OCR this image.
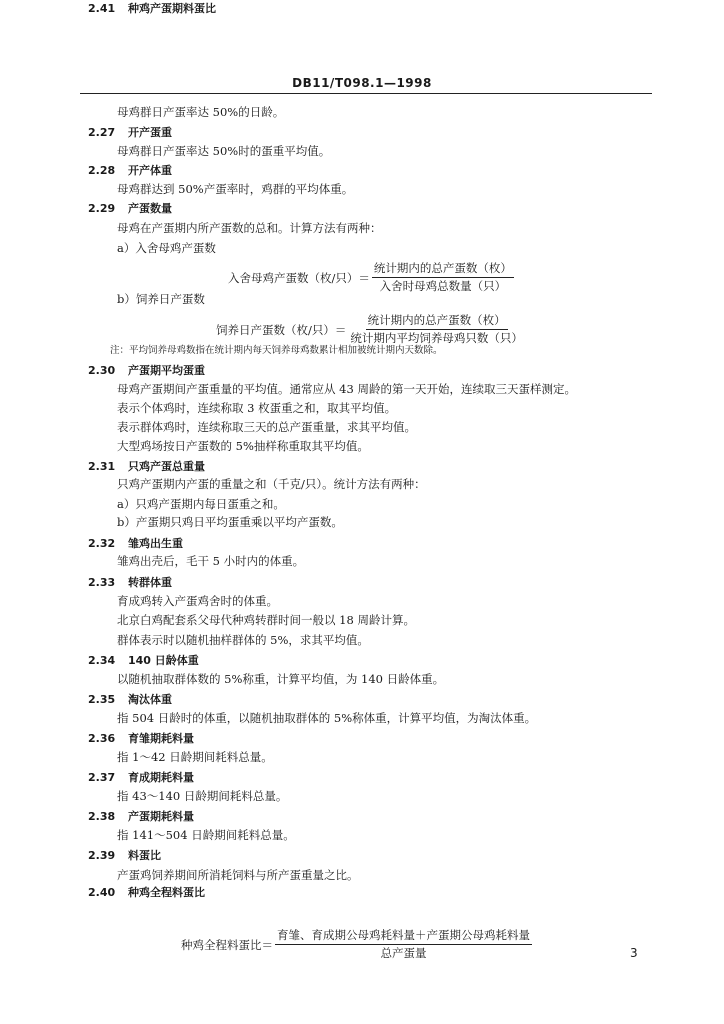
DB11/T098.1—1998
母鸡群日产蛋率达 50%的日龄。
2.27 开产蛋重
母鸡群日产蛋率达 50%时的蛋重平均值。
2.28 开产体重
母鸡群达到 50%产蛋率时，鸡群的平均体重。
2.29 产蛋数量
母鸡在产蛋期内所产蛋数的总和。计算方法有两种：
a）入舍母鸡产蛋数
入舍母鸡产蛋数（枚/只）＝ $\frac{\text{统计期内的总产蛋数（枚）}}{\text{入舍时母鸡总数量（只）}}$
b）饲养日产蛋数
饲养日产蛋数（枚/只）＝ $\frac{\text{统计期内的总产蛋数（枚）}}{\text{统计期内平均饲养母鸡只数（只）}}$
注：平均饲养母鸡数指在统计期内每天饲养母鸡数累计相加被统计期内天数除。
2.30 产蛋期平均蛋重
母鸡产蛋期间产蛋重量的平均值。通常应从 43 周龄的第一天开始，连续取三天蛋样测定。
表示个体鸡时，连续称取 3 枚蛋重之和，取其平均值。
表示群体鸡时，连续称取三天的总产蛋重量，求其平均值。
大型鸡场按日产蛋数的 5%抽样称重取其平均值。
2.31 只鸡产蛋总重量
只鸡产蛋期内产蛋的重量之和（千克/只）。统计方法有两种：
a）只鸡产蛋期内每日蛋重之和。
b）产蛋期只鸡日平均蛋重乘以平均产蛋数。
2.32 雏鸡出生重
雏鸡出壳后，毛干 5 小时内的体重。
2.33 转群体重
育成鸡转入产蛋鸡舍时的体重。
北京白鸡配套系父母代种鸡转群时间一般以 18 周龄计算。
群体表示时以随机抽样群体的 5%，求其平均值。
2.34 140 日龄体重
以随机抽取群体数的 5%称重，计算平均值，为 140 日龄体重。
2.35 淘汰体重
指 504 日龄时的体重，以随机抽取群体的 5%称体重，计算平均值，为淘汰体重。
2.36 育雏期耗料量
指 1～42 日龄期间耗料总量。
2.37 育成期耗料量
指 43～140 日龄期间耗料总量。
2.38 产蛋期耗料量
指 141～504 日龄期间耗料总量。
2.39 料蛋比
产蛋鸡饲养期间所消耗饲料与所产蛋重量之比。
2.40 种鸡全程料蛋比
种鸡全程料蛋比＝ $\frac{\text{育雏、育成期公母鸡耗料量＋产蛋期公母鸡耗料量}}{\text{总产蛋量}}$
2.41 种鸡产蛋期料蛋比
3
